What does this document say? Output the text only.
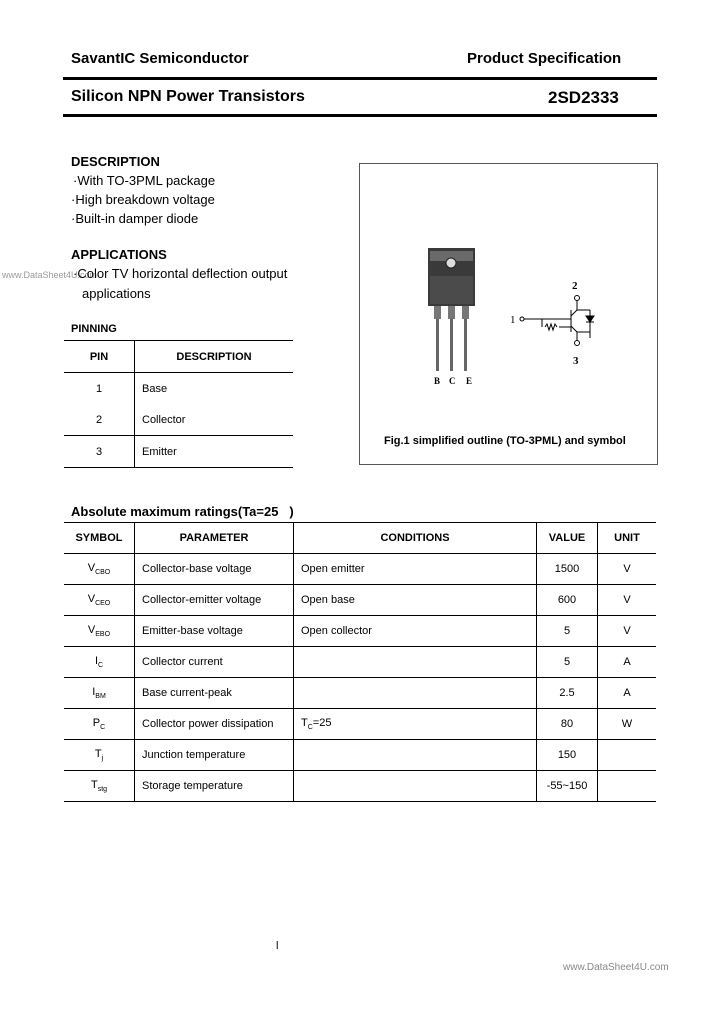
SavantIC Semiconductor	Product Specification
Silicon NPN Power Transistors	2SD2333
DESCRIPTION
·With TO-3PML package
·High breakdown voltage
·Built-in damper diode
APPLICATIONS
www.DataSheet4U.com
·Color TV horizontal deflection output
applications
PINNING
PIN	DESCRIPTION
1	Base
2	Collector
3	Emitter
B C E
2
1
3
Fig.1 simplified outline (TO-3PML) and symbol
Absolute maximum ratings(Ta=25 )
SYMBOL	PARAMETER	CONDITIONS	VALUE	UNIT
$V_{CBO}$	Collector-base voltage	Open emitter	1500	V
$V_{CEO}$	Collector-emitter voltage	Open base	600	V
$V_{EBO}$	Emitter-base voltage	Open collector	5	V
$I_C$	Collector current		5	A
$I_{BM}$	Base current-peak		2.5	A
$P_C$	Collector power dissipation	$T_C=25$	80	W
$T_j$	Junction temperature		150	
$T_{stg}$	Storage temperature		-55~150	
l
www.DataSheet4U.com
